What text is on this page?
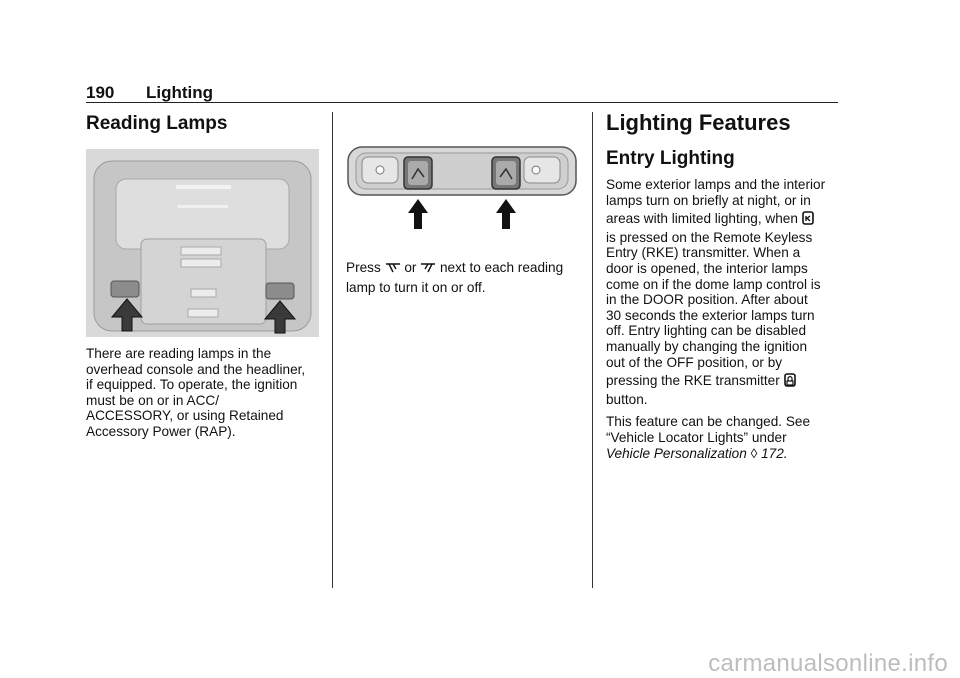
190 Lighting
Reading Lamps
There are reading lamps in the
overhead console and the headliner,
if equipped. To operate, the ignition
must be on or in ACC/
ACCESSORY, or using Retained
Accessory Power (RAP).
Press or next to each reading
lamp to turn it on or off.
Lighting Features
Entry Lighting
Some exterior lamps and the interior
lamps turn on briefly at night, or in
areas with limited lighting, when
is pressed on the Remote Keyless
Entry (RKE) transmitter. When a
door is opened, the interior lamps
come on if the dome lamp control is
in the DOOR position. After about
30 seconds the exterior lamps turn
off. Entry lighting can be disabled
manually by changing the ignition
out of the OFF position, or by
pressing the RKE transmitter
button.
This feature can be changed. See
“Vehicle Locator Lights” under
Vehicle Personalization ◊ 172.
carmanualsonline.info
